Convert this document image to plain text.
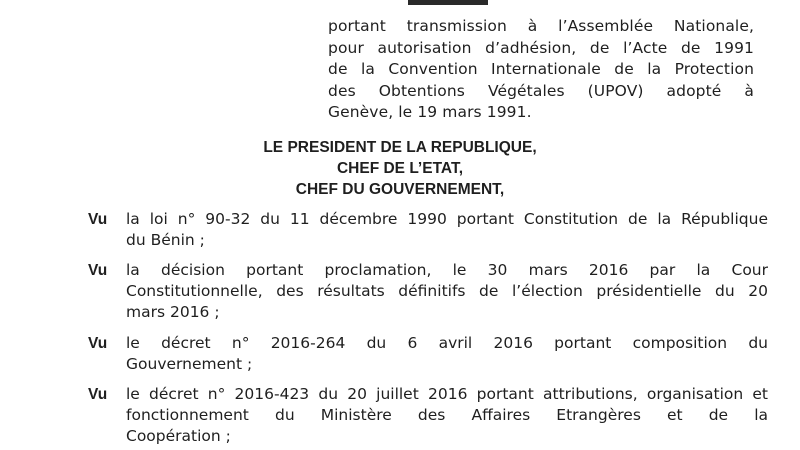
portant transmission à l’Assemblée Nationale,
pour autorisation d’adhésion, de l’Acte de 1991
de la Convention Internationale de la Protection
des Obtentions Végétales (UPOV) adopté à
Genève, le 19 mars 1991.
LE PRESIDENT DE LA REPUBLIQUE,
CHEF DE L’ETAT,
CHEF DU GOUVERNEMENT,
Vu	la loi n° 90-32 du 11 décembre 1990 portant Constitution de la République
du Bénin ;
Vu	la décision portant proclamation, le 30 mars 2016 par la Cour
Constitutionnelle, des résultats définitifs de l’élection présidentielle du 20
mars 2016 ;
Vu	le décret n° 2016-264 du 6 avril 2016 portant composition du
Gouvernement ;
Vu	le décret n° 2016-423 du 20 juillet 2016 portant attributions, organisation et
fonctionnement du Ministère des Affaires Etrangères et de la
Coopération ;
